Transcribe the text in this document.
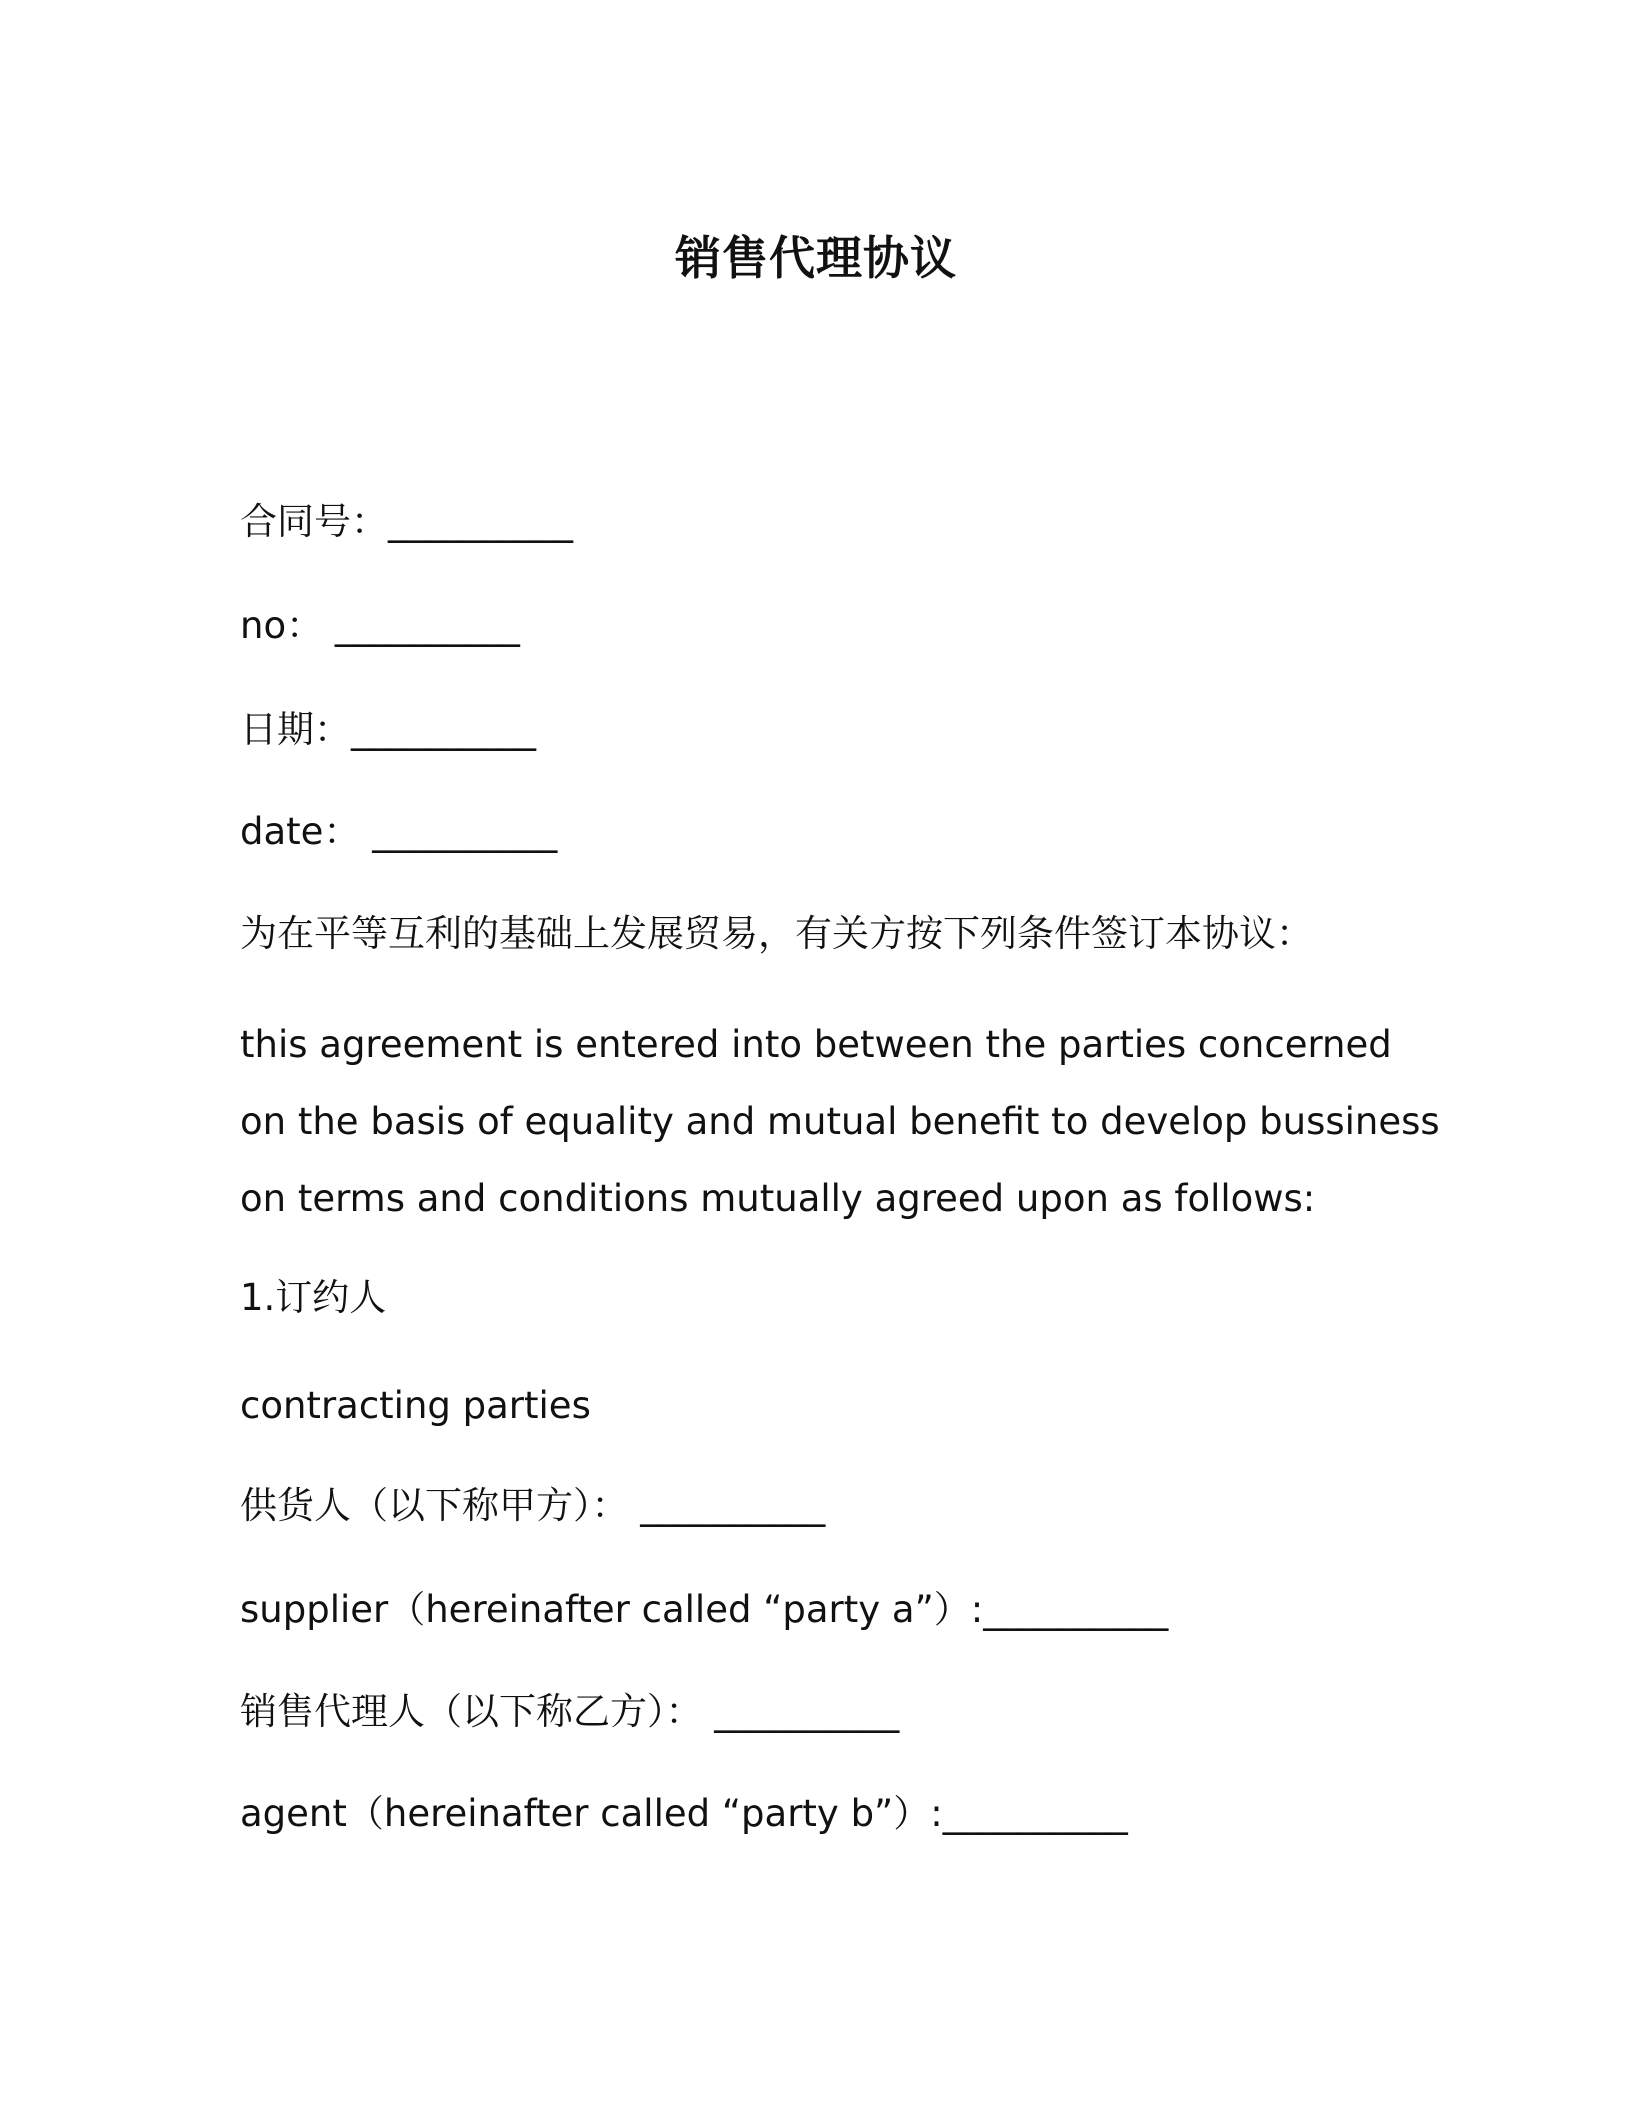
销售代理协议
合同号：__________
no： __________
日期：__________
date： __________
为在平等互利的基础上发展贸易，有关方按下列条件签订本协议：
this agreement is entered into between the parties concerned
on the basis of equality and mutual benefit to develop bussiness
on terms and conditions mutually agreed upon as follows:
1.订约人
contracting parties
供货人（以下称甲方）： __________
supplier（hereinafter called “party a”）:__________
销售代理人（以下称乙方）： __________
agent（hereinafter called “party b”）:__________
